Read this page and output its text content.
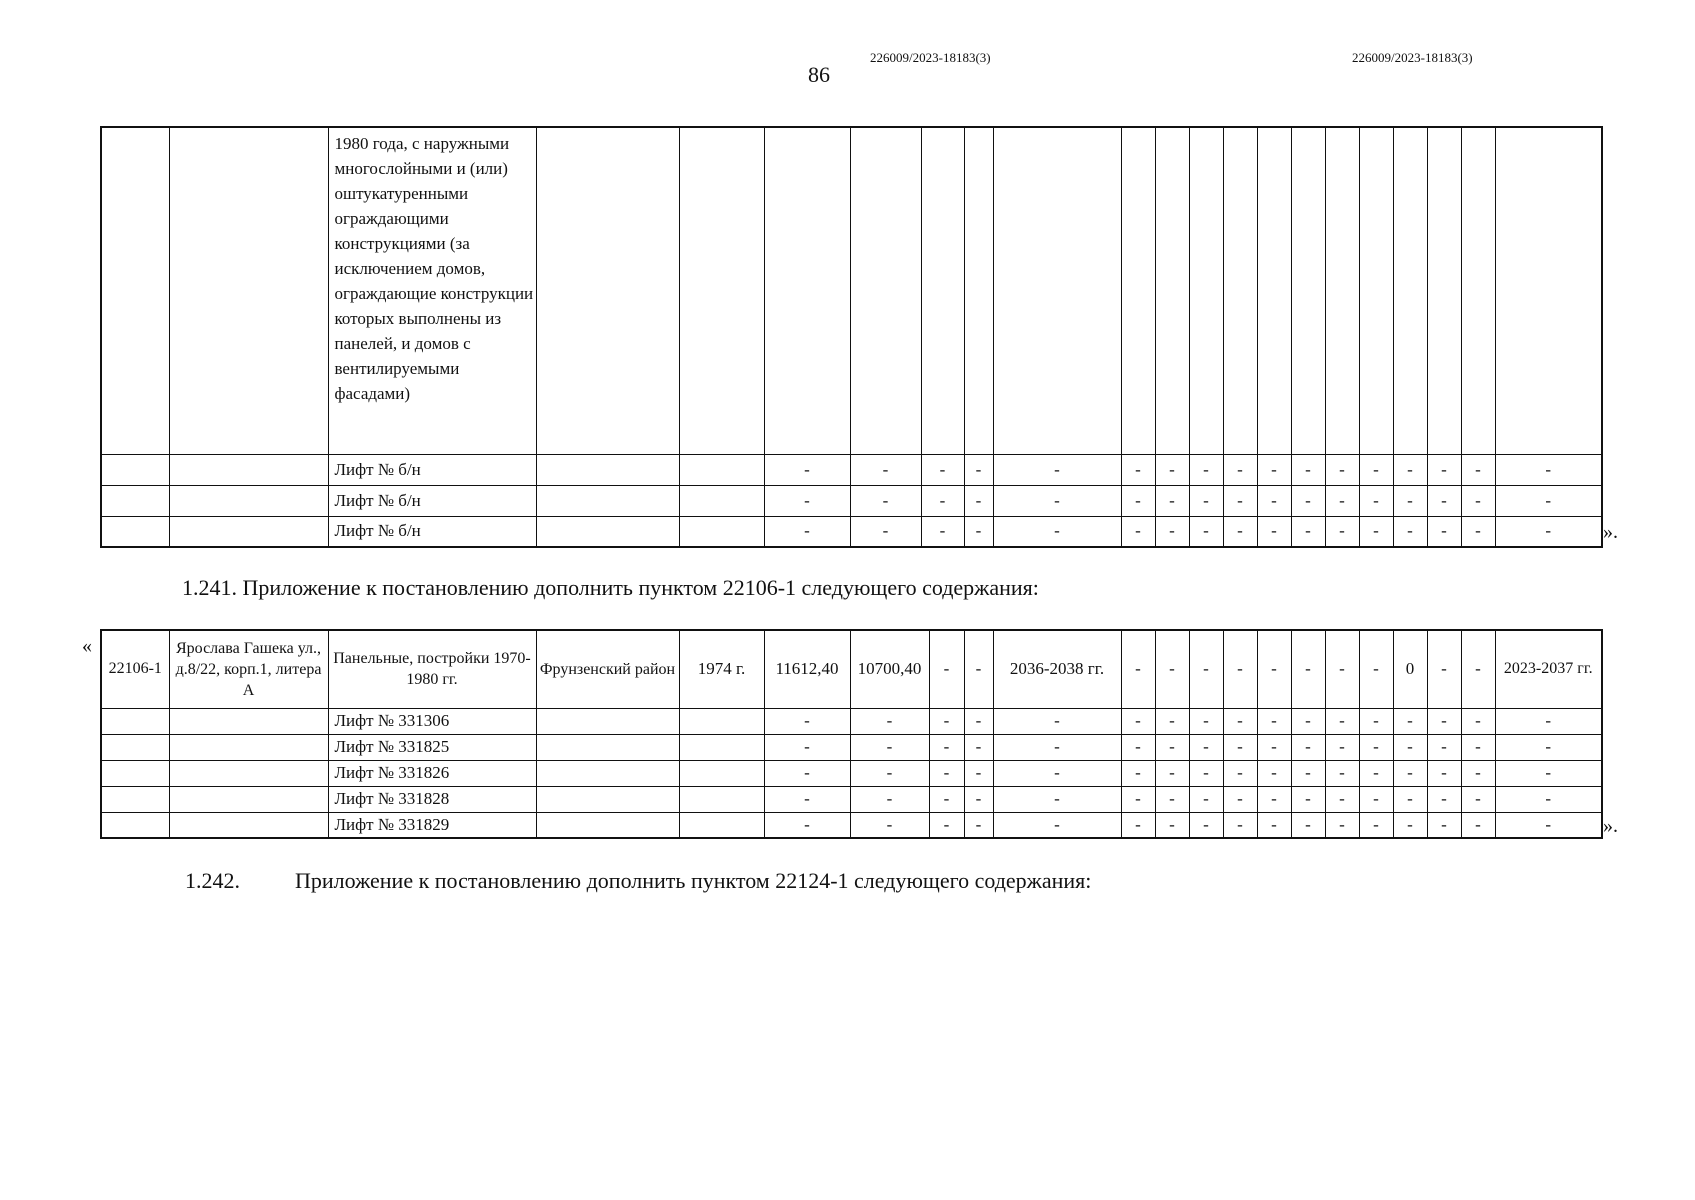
86
226009/2023-18183(3)	226009/2023-18183(3)
		1980 года, с наружными многослойными и (или) оштукатуренными ограждающими конструкциями (за исключением домов, ограждающие конструкции которых выполнены из панелей, и домов с вентилируемыми фасадами)																			
		Лифт № б/н			-	-	-	-	-	-	-	-	-	-	-	-	-	-	-	-	-
		Лифт № б/н			-	-	-	-	-	-	-	-	-	-	-	-	-	-	-	-	-
		Лифт № б/н			-	-	-	-	-	-	-	-	-	-	-	-	-	-	-	-	-	».
1.241. Приложение к постановлению дополнить пунктом 22106-1 следующего содержания:
«
22106-1	Ярослава Гашека ул., д.8/22, корп.1, литера А	Панельные, постройки 1970-1980 гг.	Фрунзенский район	1974 г.	11612,40	10700,40	-	-	2036-2038 гг.	-	-	-	-	-	-	-	-	0	-	-	2023-2037 гг.
		Лифт № 331306			-	-	-	-	-	-	-	-	-	-	-	-	-	-	-	-	-
		Лифт № 331825			-	-	-	-	-	-	-	-	-	-	-	-	-	-	-	-	-
		Лифт № 331826			-	-	-	-	-	-	-	-	-	-	-	-	-	-	-	-	-
		Лифт № 331828			-	-	-	-	-	-	-	-	-	-	-	-	-	-	-	-	-
		Лифт № 331829			-	-	-	-	-	-	-	-	-	-	-	-	-	-	-	-	-	».
1.242.	Приложение к постановлению дополнить пунктом 22124-1 следующего содержания:
